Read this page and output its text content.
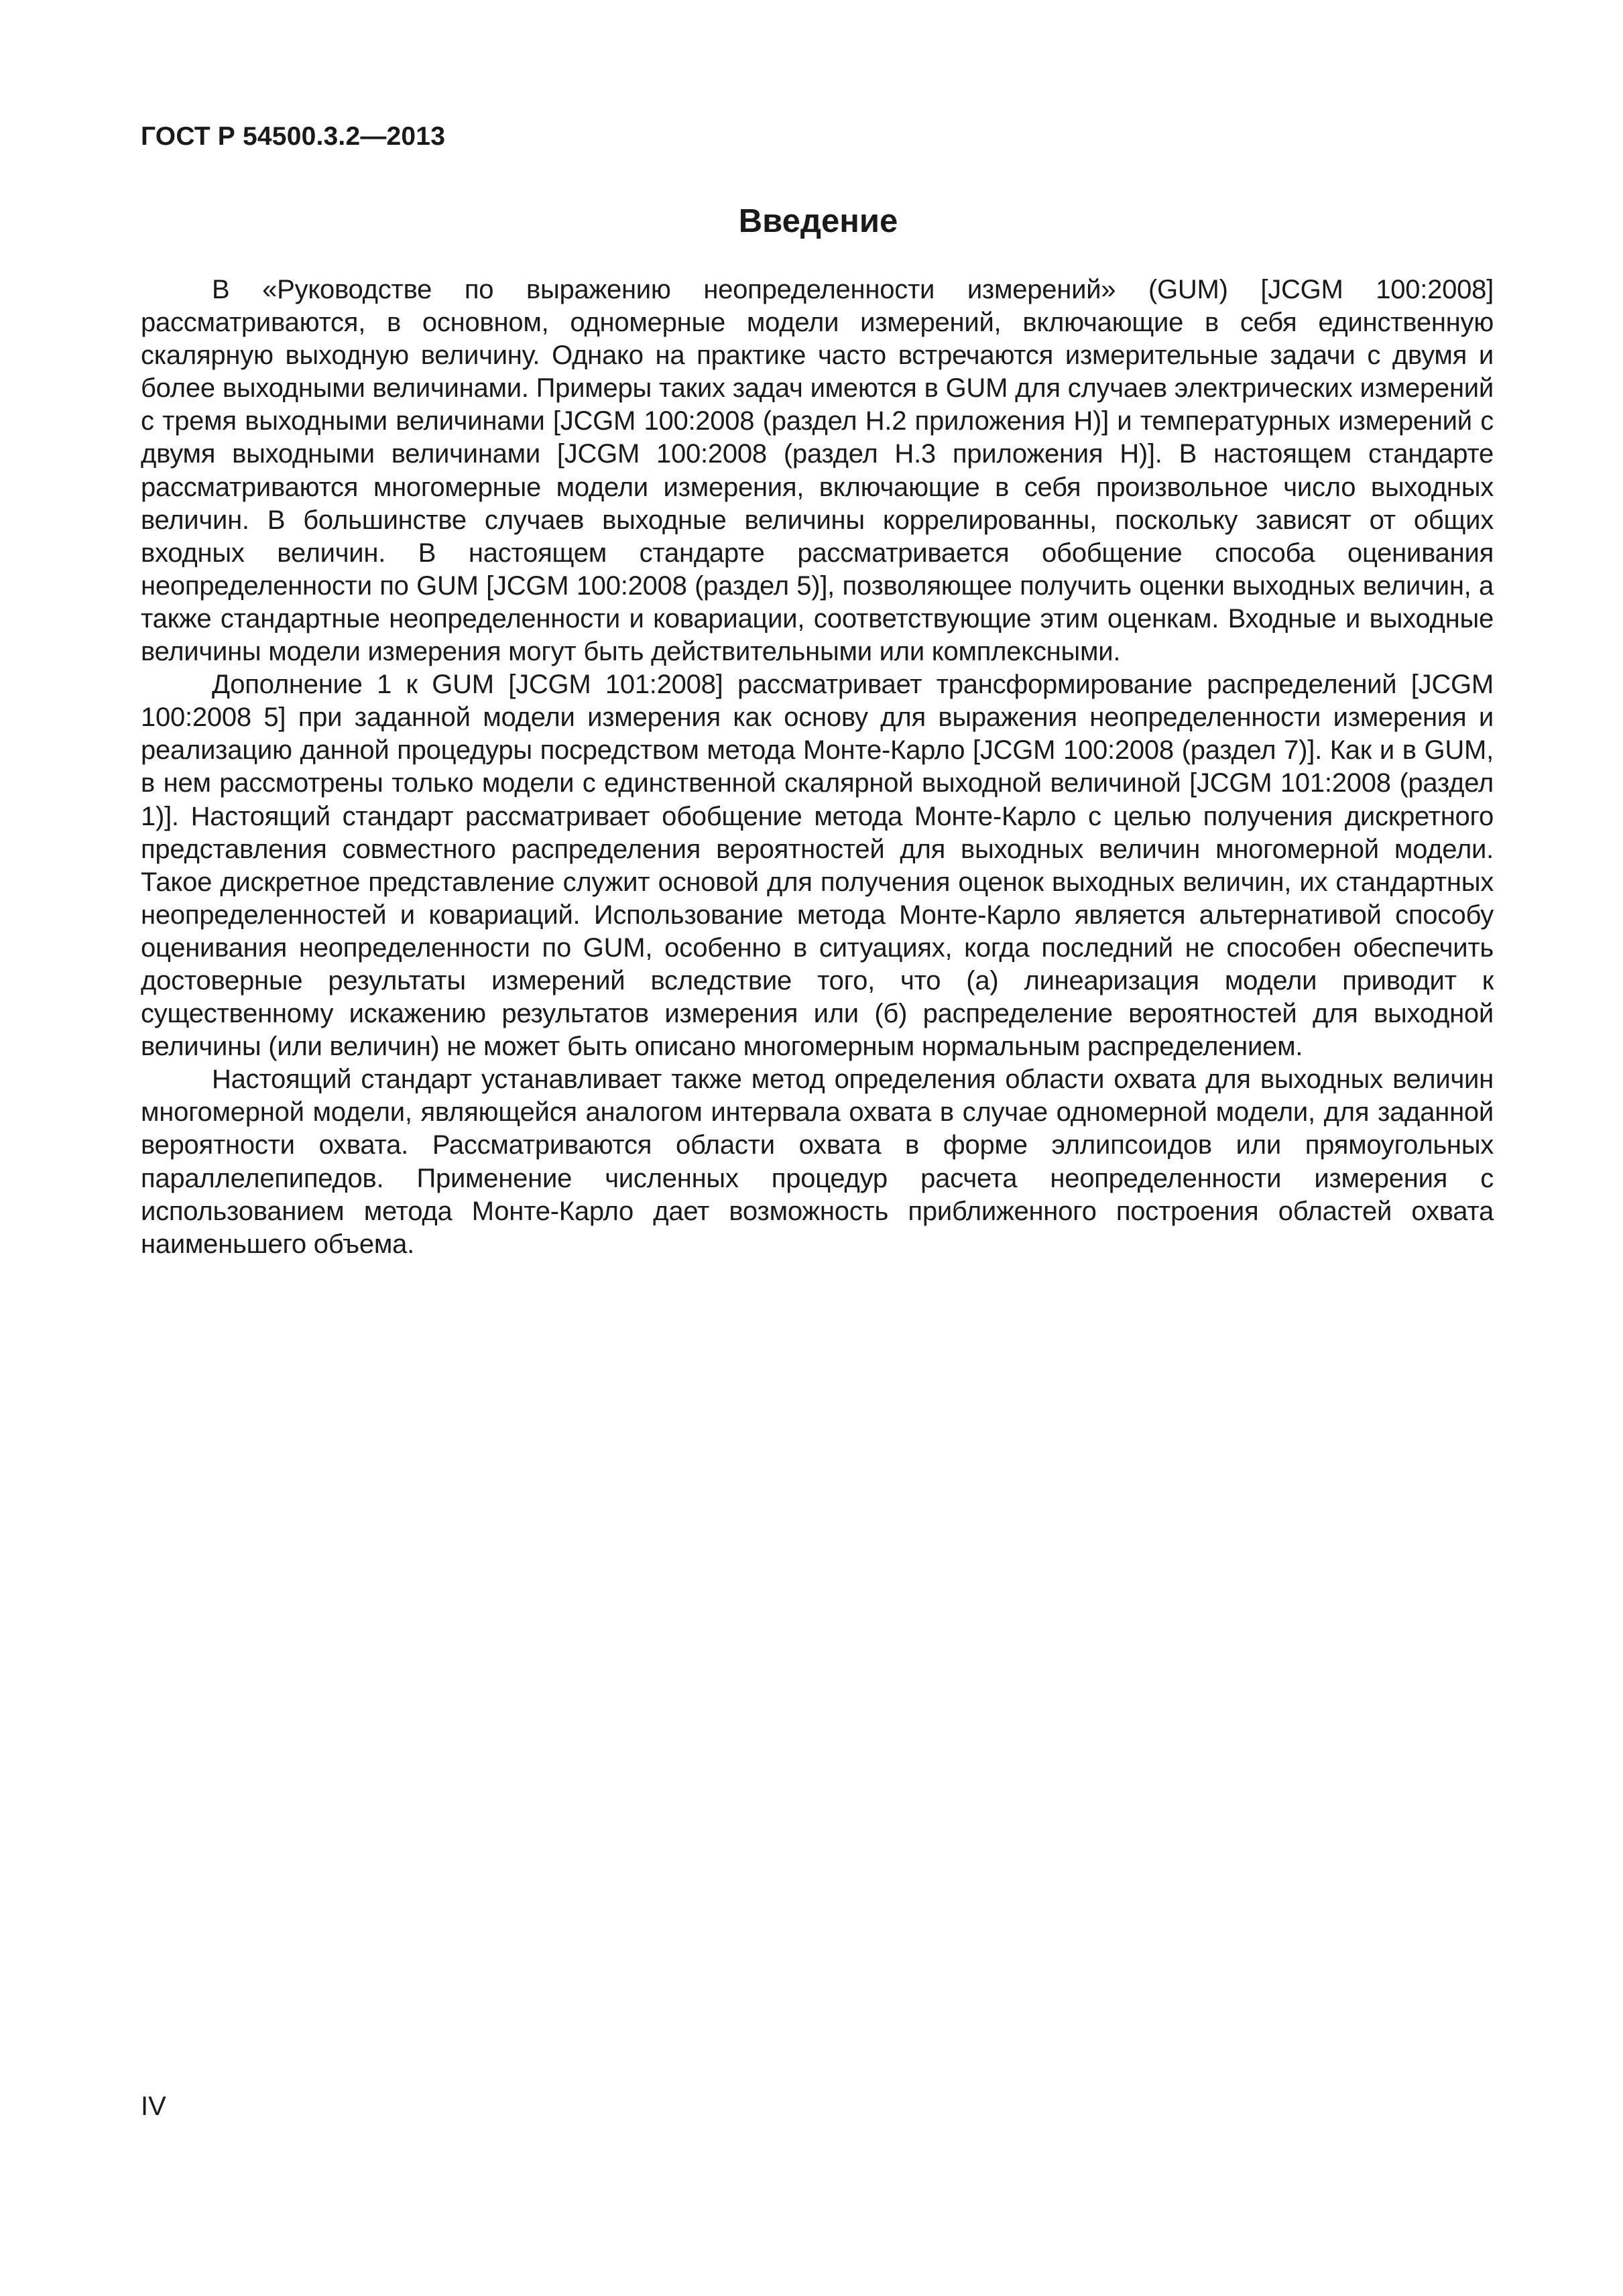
ГОСТ Р 54500.3.2—2013
Введение

В «Руководстве по выражению неопределенности измерений» (GUM) [JCGM 100:2008] рассматриваются, в основном, одномерные модели измерений, включающие в себя единственную скалярную выходную величину. Однако на практике часто встречаются измерительные задачи с двумя и более выходными величинами. Примеры таких задач имеются в GUM для случаев электрических измерений с тремя выходными величинами [JCGM 100:2008 (раздел Н.2 приложения Н)] и температурных измерений с двумя выходными величинами [JCGM 100:2008 (раздел Н.3 приложения Н)]. В настоящем стандарте рассматриваются многомерные модели измерения, включающие в себя произвольное число выходных величин. В большинстве случаев выходные величины коррелированны, поскольку зависят от общих входных величин. В настоящем стандарте рассматривается обобщение способа оценивания неопределенности по GUM [JCGM 100:2008 (раздел 5)], позволяющее получить оценки выходных величин, а также стандартные неопределенности и ковариации, соответствующие этим оценкам. Входные и выходные величины модели измерения могут быть действительными или комплексными.

Дополнение 1 к GUM [JCGM 101:2008] рассматривает трансформирование распределений [JCGM 100:2008 5] при заданной модели измерения как основу для выражения неопределенности измерения и реализацию данной процедуры посредством метода Монте-Карло [JCGM 100:2008 (раздел 7)]. Как и в GUM, в нем рассмотрены только модели с единственной скалярной выходной величиной [JCGM 101:2008 (раздел 1)]. Настоящий стандарт рассматривает обобщение метода Монте-Карло с целью получения дискретного представления совместного распределения вероятностей для выходных величин многомерной модели. Такое дискретное представление служит основой для получения оценок выходных величин, их стандартных неопределенностей и ковариаций. Использование метода Монте-Карло является альтернативой способу оценивания неопределенности по GUM, особенно в ситуациях, когда последний не способен обеспечить достоверные результаты измерений вследствие того, что (а) линеаризация модели приводит к существенному искажению результатов измерения или (б) распределение вероятностей для выходной величины (или величин) не может быть описано многомерным нормальным распределением.

Настоящий стандарт устанавливает также метод определения области охвата для выходных величин многомерной модели, являющейся аналогом интервала охвата в случае одномерной модели, для заданной вероятности охвата. Рассматриваются области охвата в форме эллипсоидов или прямоугольных параллелепипедов. Применение численных процедур расчета неопределенности измерения с использованием метода Монте-Карло дает возможность приближенного построения областей охвата наименьшего объема.

IV
